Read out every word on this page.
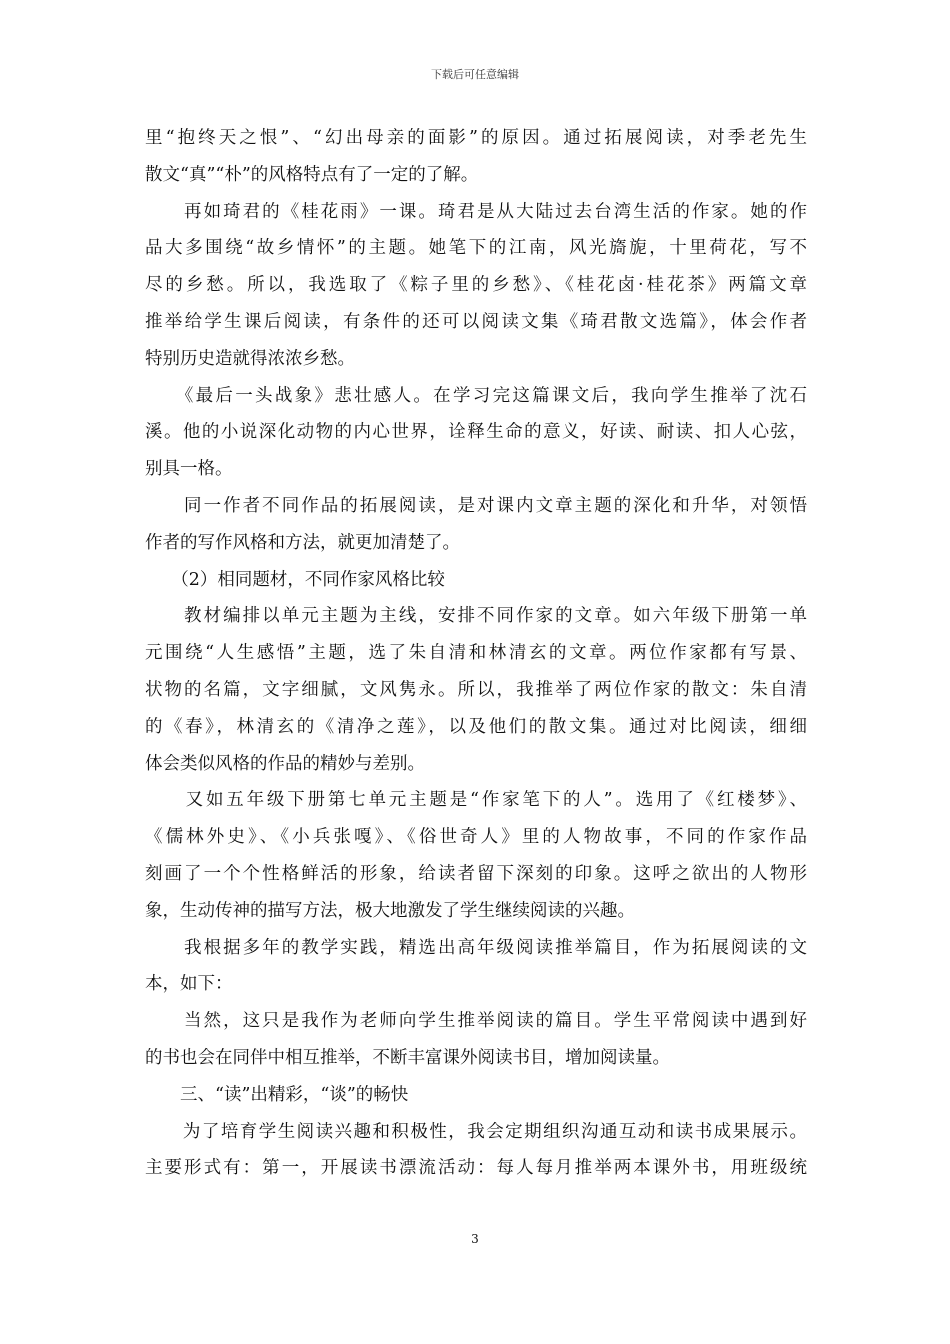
下载后可任意编辑
里“抱终天之恨”、“幻出母亲的面影”的原因。通过拓展阅读，对季老先生
散文“真”“朴”的风格特点有了一定的了解。
　　再如琦君的《桂花雨》一课。琦君是从大陆过去台湾生活的作家。她的作
品大多围绕“故乡情怀”的主题。她笔下的江南，风光旖旎，十里荷花，写不
尽的乡愁。所以，我选取了《粽子里的乡愁》、《桂花卤·桂花茶》两篇文章
推举给学生课后阅读，有条件的还可以阅读文集《琦君散文选篇》，体会作者
特别历史造就得浓浓乡愁。
　　《最后一头战象》悲壮感人。在学习完这篇课文后，我向学生推举了沈石
溪。他的小说深化动物的内心世界，诠释生命的意义，好读、耐读、扣人心弦，
别具一格。
　　同一作者不同作品的拓展阅读，是对课内文章主题的深化和升华，对领悟
作者的写作风格和方法，就更加清楚了。
　　（2）相同题材，不同作家风格比较
　　教材编排以单元主题为主线，安排不同作家的文章。如六年级下册第一单
元围绕“人生感悟”主题，选了朱自清和林清玄的文章。两位作家都有写景、
状物的名篇，文字细腻，文风隽永。所以，我推举了两位作家的散文：朱自清
的《春》，林清玄的《清净之莲》，以及他们的散文集。通过对比阅读，细细
体会类似风格的作品的精妙与差别。
　　又如五年级下册第七单元主题是“作家笔下的人”。选用了《红楼梦》、
《儒林外史》、《小兵张嘎》、《俗世奇人》里的人物故事，不同的作家作品
刻画了一个个性格鲜活的形象，给读者留下深刻的印象。这呼之欲出的人物形
象，生动传神的描写方法，极大地激发了学生继续阅读的兴趣。
　　我根据多年的教学实践，精选出高年级阅读推举篇目，作为拓展阅读的文
本，如下：
　　当然，这只是我作为老师向学生推举阅读的篇目。学生平常阅读中遇到好
的书也会在同伴中相互推举，不断丰富课外阅读书目，增加阅读量。
　　三、“读”出精彩，“谈”的畅快
　　为了培育学生阅读兴趣和积极性，我会定期组织沟通互动和读书成果展示。
主要形式有：第一，开展读书漂流活动：每人每月推举两本课外书，用班级统
3
